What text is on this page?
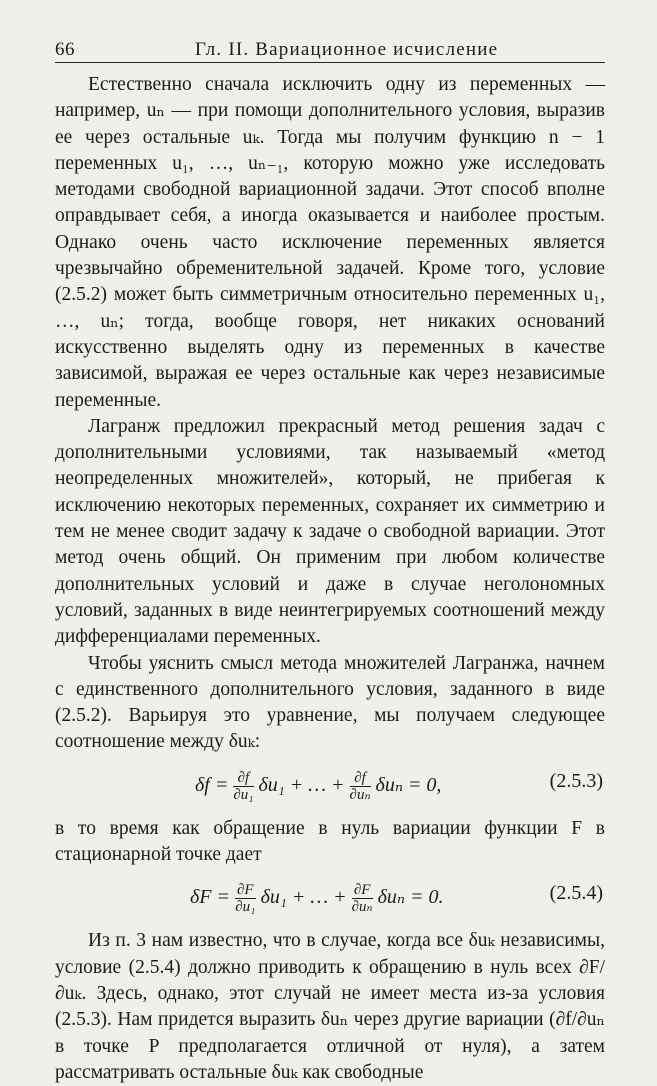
66	Гл. II. Вариационное исчисление

Естественно сначала исключить одну из переменных — например, uₙ — при помощи дополнительного условия, выразив ее через остальные uₖ. Тогда мы получим функцию n − 1 переменных u₁, …, uₙ₋₁, которую можно уже исследовать методами свободной вариационной задачи. Этот способ вполне оправдывает себя, а иногда оказывается и наиболее простым. Однако очень часто исключение переменных является чрезвычайно обременительной задачей. Кроме того, условие (2.5.2) может быть симметричным относительно переменных u₁, …, uₙ; тогда, вообще говоря, нет никаких оснований искусственно выделять одну из переменных в качестве зависимой, выражая ее через остальные как через независимые переменные.

Лагранж предложил прекрасный метод решения задач с дополнительными условиями, так называемый «метод неопределенных множителей», который, не прибегая к исключению некоторых переменных, сохраняет их симметрию и тем не менее сводит задачу к задаче о свободной вариации. Этот метод очень общий. Он применим при любом количестве дополнительных условий и даже в случае неголономных условий, заданных в виде неинтегрируемых соотношений между дифференциалами переменных.

Чтобы уяснить смысл метода множителей Лагранжа, начнем с единственного дополнительного условия, заданного в виде (2.5.2). Варьируя это уравнение, мы получаем следующее соотношение между δuₖ:

$\delta f = \frac{\partial f}{\text{∂u₁}} \delta u_1$ + … + $\frac{\partial f}{\text{∂uₙ}}$ δuₙ = 0,	(2.5.3)

в то время как обращение в нуль вариации функции F в стационарной точке дает

$\delta F = \frac{\partial F}{\text{∂u₁}} \delta u_1$ + … + $\frac{\partial F}{\text{∂uₙ}}$ δuₙ = 0.	(2.5.4)

Из п. 3 нам известно, что в случае, когда все δuₖ независимы, условие (2.5.4) должно приводить к обращению в нуль всех ∂F/∂uₖ. Здесь, однако, этот случай не имеет места из-за условия (2.5.3). Нам придется выразить δuₙ через другие вариации (∂f/∂uₙ в точке P предполагается отличной от нуля), а затем рассматривать остальные δuₖ как свободные
